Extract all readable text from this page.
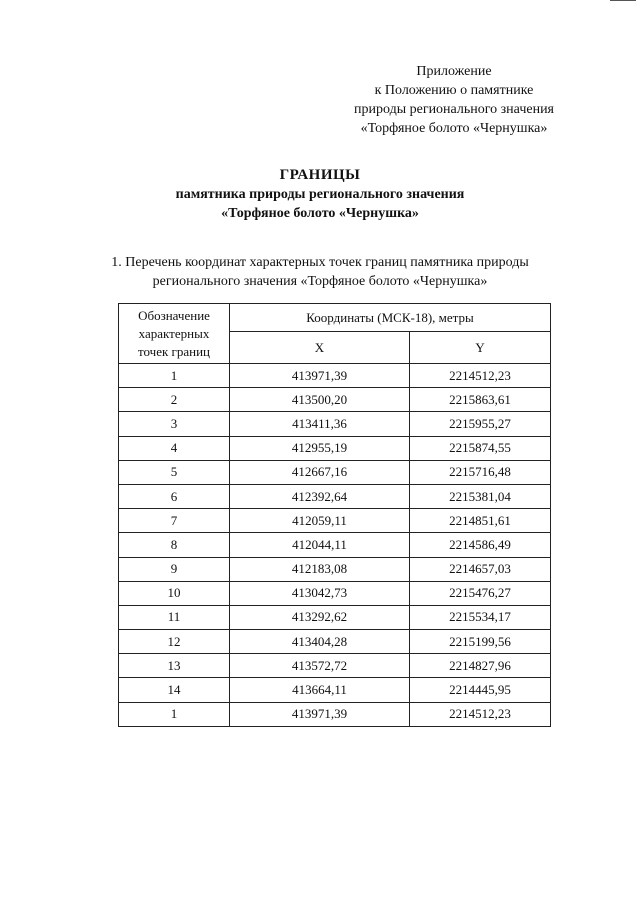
Приложение
к Положению о памятнике
природы регионального значения
«Торфяное болото «Чернушка»
ГРАНИЦЫ
памятника природы регионального значения
«Торфяное болото «Чернушка»
1. Перечень координат характерных точек границ памятника природы
регионального значения «Торфяное болото «Чернушка»
Обозначение
характерных
точек границ	Координаты (МСК-18), метры	
	X	Y
1	413971,39	2214512,23
2	413500,20	2215863,61
3	413411,36	2215955,27
4	412955,19	2215874,55
5	412667,16	2215716,48
6	412392,64	2215381,04
7	412059,11	2214851,61
8	412044,11	2214586,49
9	412183,08	2214657,03
10	413042,73	2215476,27
11	413292,62	2215534,17
12	413404,28	2215199,56
13	413572,72	2214827,96
14	413664,11	2214445,95
1	413971,39	2214512,23
